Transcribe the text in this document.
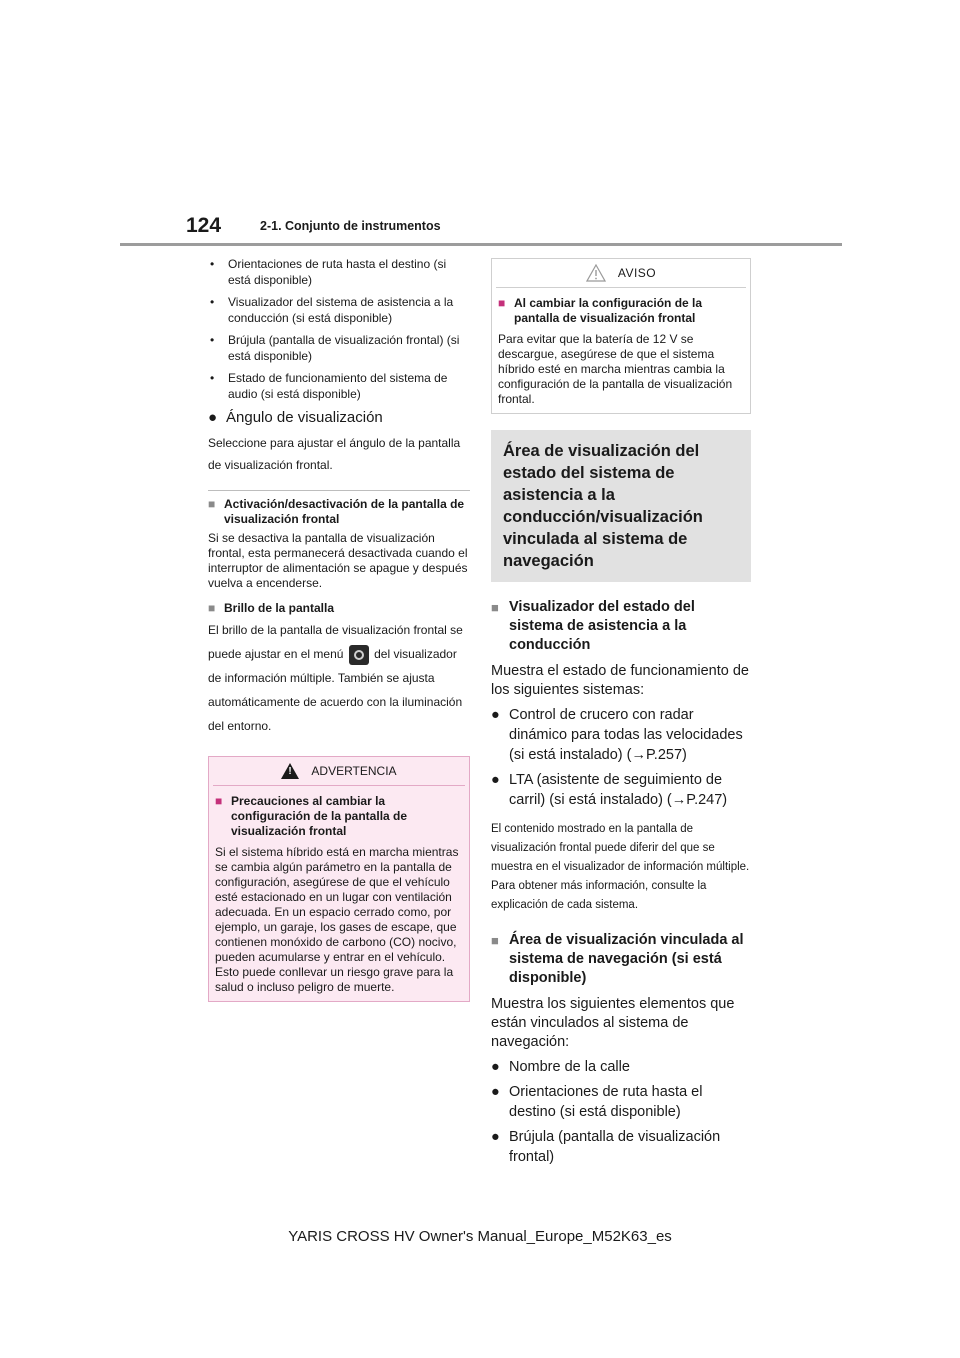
124	2-1. Conjunto de instrumentos
•	Orientaciones de ruta hasta el destino (si está disponible)
•	Visualizador del sistema de asistencia a la conducción (si está disponible)
•	Brújula (pantalla de visualización frontal) (si está disponible)
•	Estado de funcionamiento del sistema de audio (si está disponible)
● Ángulo de visualización
Seleccione para ajustar el ángulo de la pantalla de visualización frontal.
■ Activación/desactivación de la pantalla de visualización frontal
Si se desactiva la pantalla de visualización frontal, esta permanecerá desactivada cuando el interruptor de alimentación se apague y después vuelva a encenderse.
■ Brillo de la pantalla
El brillo de la pantalla de visualización frontal se puede ajustar en el menú	del visualizador de información múltiple. También se ajusta automáticamente de acuerdo con la iluminación del entorno.
! ADVERTENCIA
■ Precauciones al cambiar la configuración de la pantalla de visualización frontal
Si el sistema híbrido está en marcha mientras se cambia algún parámetro en la pantalla de configuración, asegúrese de que el vehículo esté estacionado en un lugar con ventilación adecuada. En un espacio cerrado como, por ejemplo, un garaje, los gases de escape, que contienen monóxido de carbono (CO) nocivo, pueden acumularse y entrar en el vehículo. Esto puede conllevar un riesgo grave para la salud o incluso peligro de muerte.
AVISO
■ Al cambiar la configuración de la pantalla de visualización frontal
Para evitar que la batería de 12 V se descargue, asegúrese de que el sistema híbrido esté en marcha mientras cambia la configuración de la pantalla de visualización frontal.
Área de visualización del estado del sistema de asistencia a la conducción/visualización vinculada al sistema de navegación
■ Visualizador del estado del sistema de asistencia a la conducción
Muestra el estado de funcionamiento de los siguientes sistemas:
● Control de crucero con radar dinámico para todas las velocidades (si está instalado) (→P.257)
● LTA (asistente de seguimiento de carril) (si está instalado) (→P.247)
El contenido mostrado en la pantalla de visualización frontal puede diferir del que se muestra en el visualizador de información múltiple. Para obtener más información, consulte la explicación de cada sistema.
■ Área de visualización vinculada al sistema de navegación (si está disponible)
Muestra los siguientes elementos que están vinculados al sistema de navegación:
● Nombre de la calle
● Orientaciones de ruta hasta el destino (si está disponible)
● Brújula (pantalla de visualización frontal)
YARIS CROSS HV Owner's Manual_Europe_M52K63_es
